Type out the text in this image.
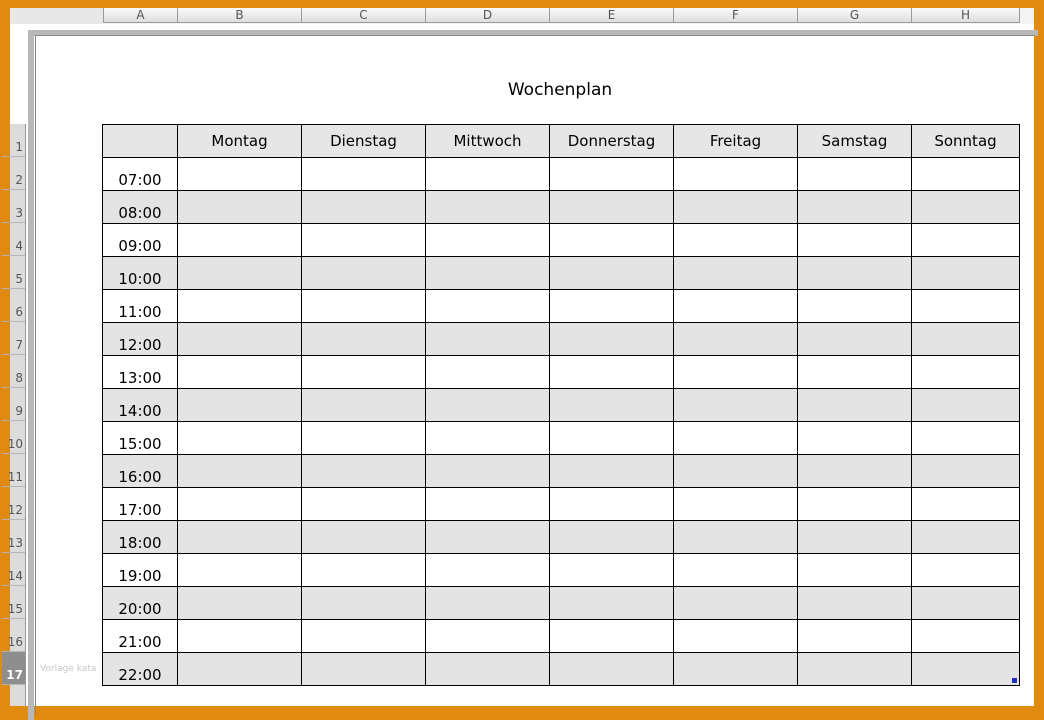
A	B	C	D	E	F	G	H
1
2
3
4
5
6
7
8
9
10
11
12
13
14
15
16
17
Wochenplan
Vorlage kata
	Montag	Dienstag	Mittwoch	Donnerstag	Freitag	Samstag	Sonntag
07:00							
08:00							
09:00							
10:00							
11:00							
12:00							
13:00							
14:00							
15:00							
16:00							
17:00							
18:00							
19:00							
20:00							
21:00							
22:00							
